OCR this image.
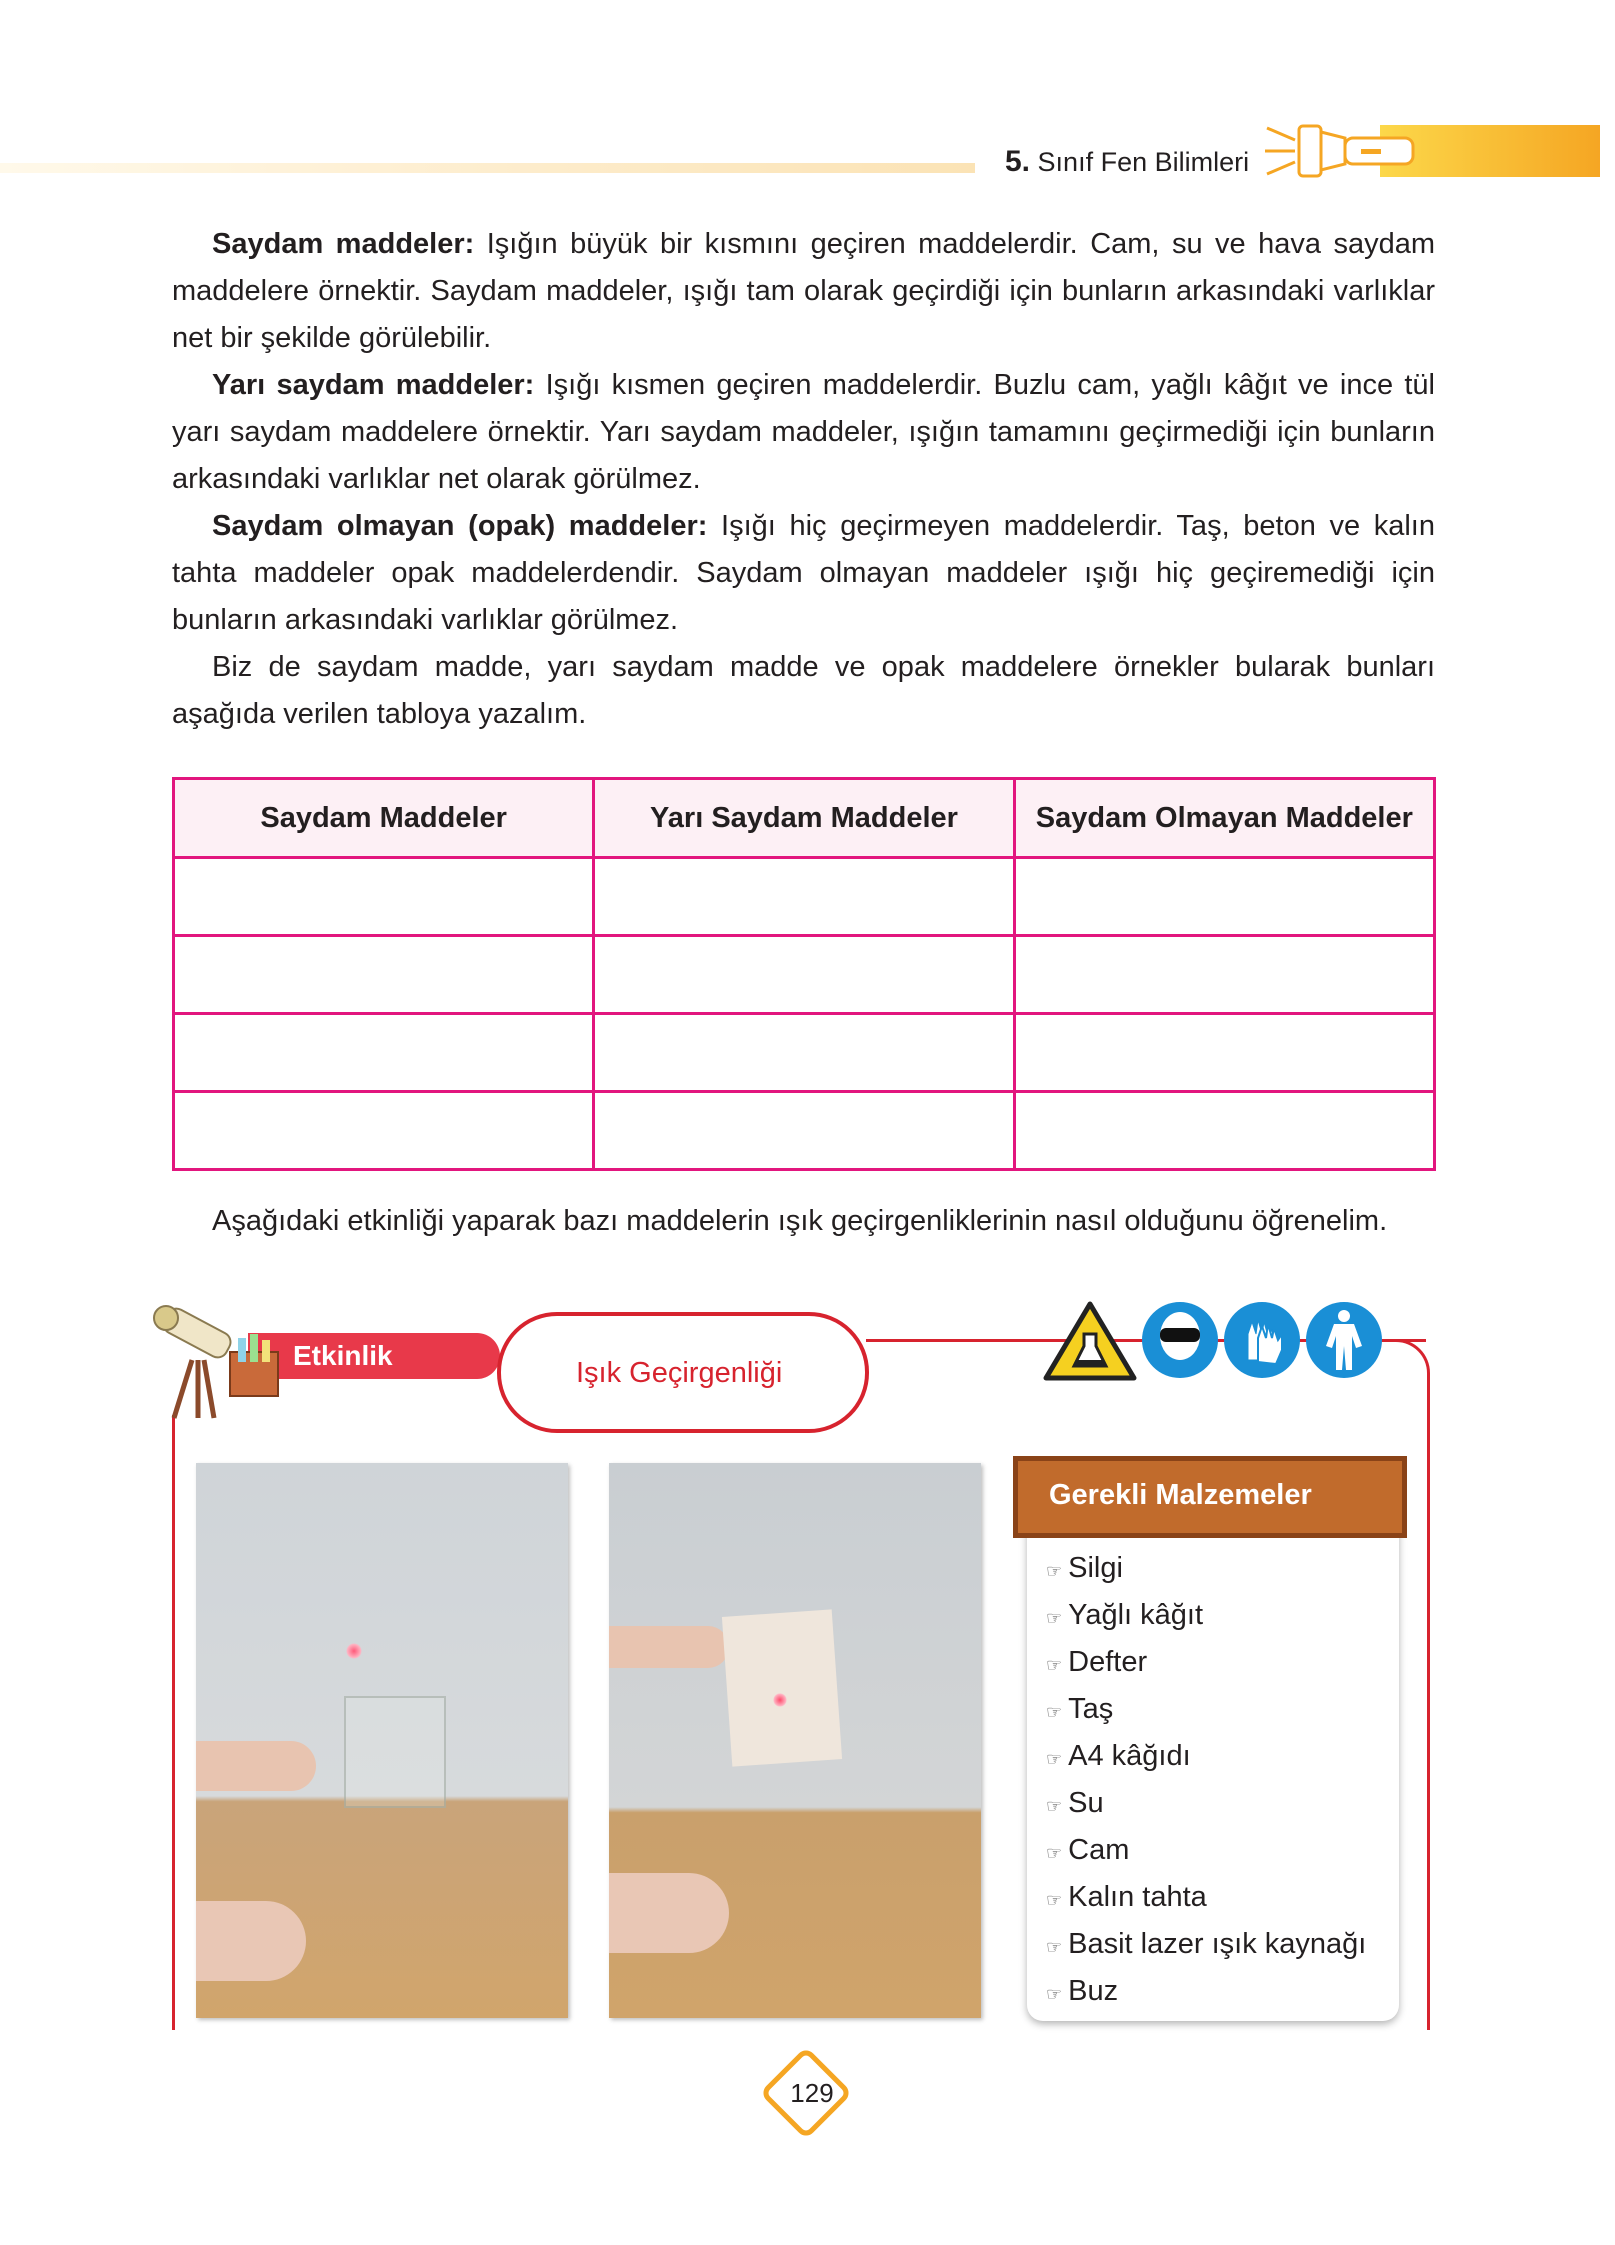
5. Sınıf Fen Bilimleri

Saydam maddeler: Işığın büyük bir kısmını geçiren maddelerdir. Cam, su ve hava saydam maddelere örnektir. Saydam maddeler, ışığı tam olarak geçirdiği için bunların arkasındaki varlıklar net bir şekilde görülebilir.

Yarı saydam maddeler: Işığı kısmen geçiren maddelerdir. Buzlu cam, yağlı kâğıt ve ince tül yarı saydam maddelere örnektir. Yarı saydam maddeler, ışığın tamamını geçirmediği için bunların arkasındaki varlıklar net olarak görülmez.

Saydam olmayan (opak) maddeler: Işığı hiç geçirmeyen maddelerdir. Taş, beton ve kalın tahta maddeler opak maddelerdendir. Saydam olmayan maddeler ışığı hiç geçiremediği için bunların arkasındaki varlıklar görülmez.

Biz de saydam madde, yarı saydam madde ve opak maddelere örnekler bularak bunları aşağıda verilen tabloya yazalım.

Saydam Maddeler	Yarı Saydam Maddeler	Saydam Olmayan Maddeler

Aşağıdaki etkinliği yaparak bazı maddelerin ışık geçirgenliklerinin nasıl olduğunu öğrenelim.
Etkinlik
Işık Geçirgenliği
Gerekli Malzemeler
☞ Silgi
☞ Yağlı kâğıt
☞ Defter
☞ Taş
☞ A4 kâğıdı
☞ Su
☞ Cam
☞ Kalın tahta
☞ Basit lazer ışık kaynağı
☞ Buz
129
